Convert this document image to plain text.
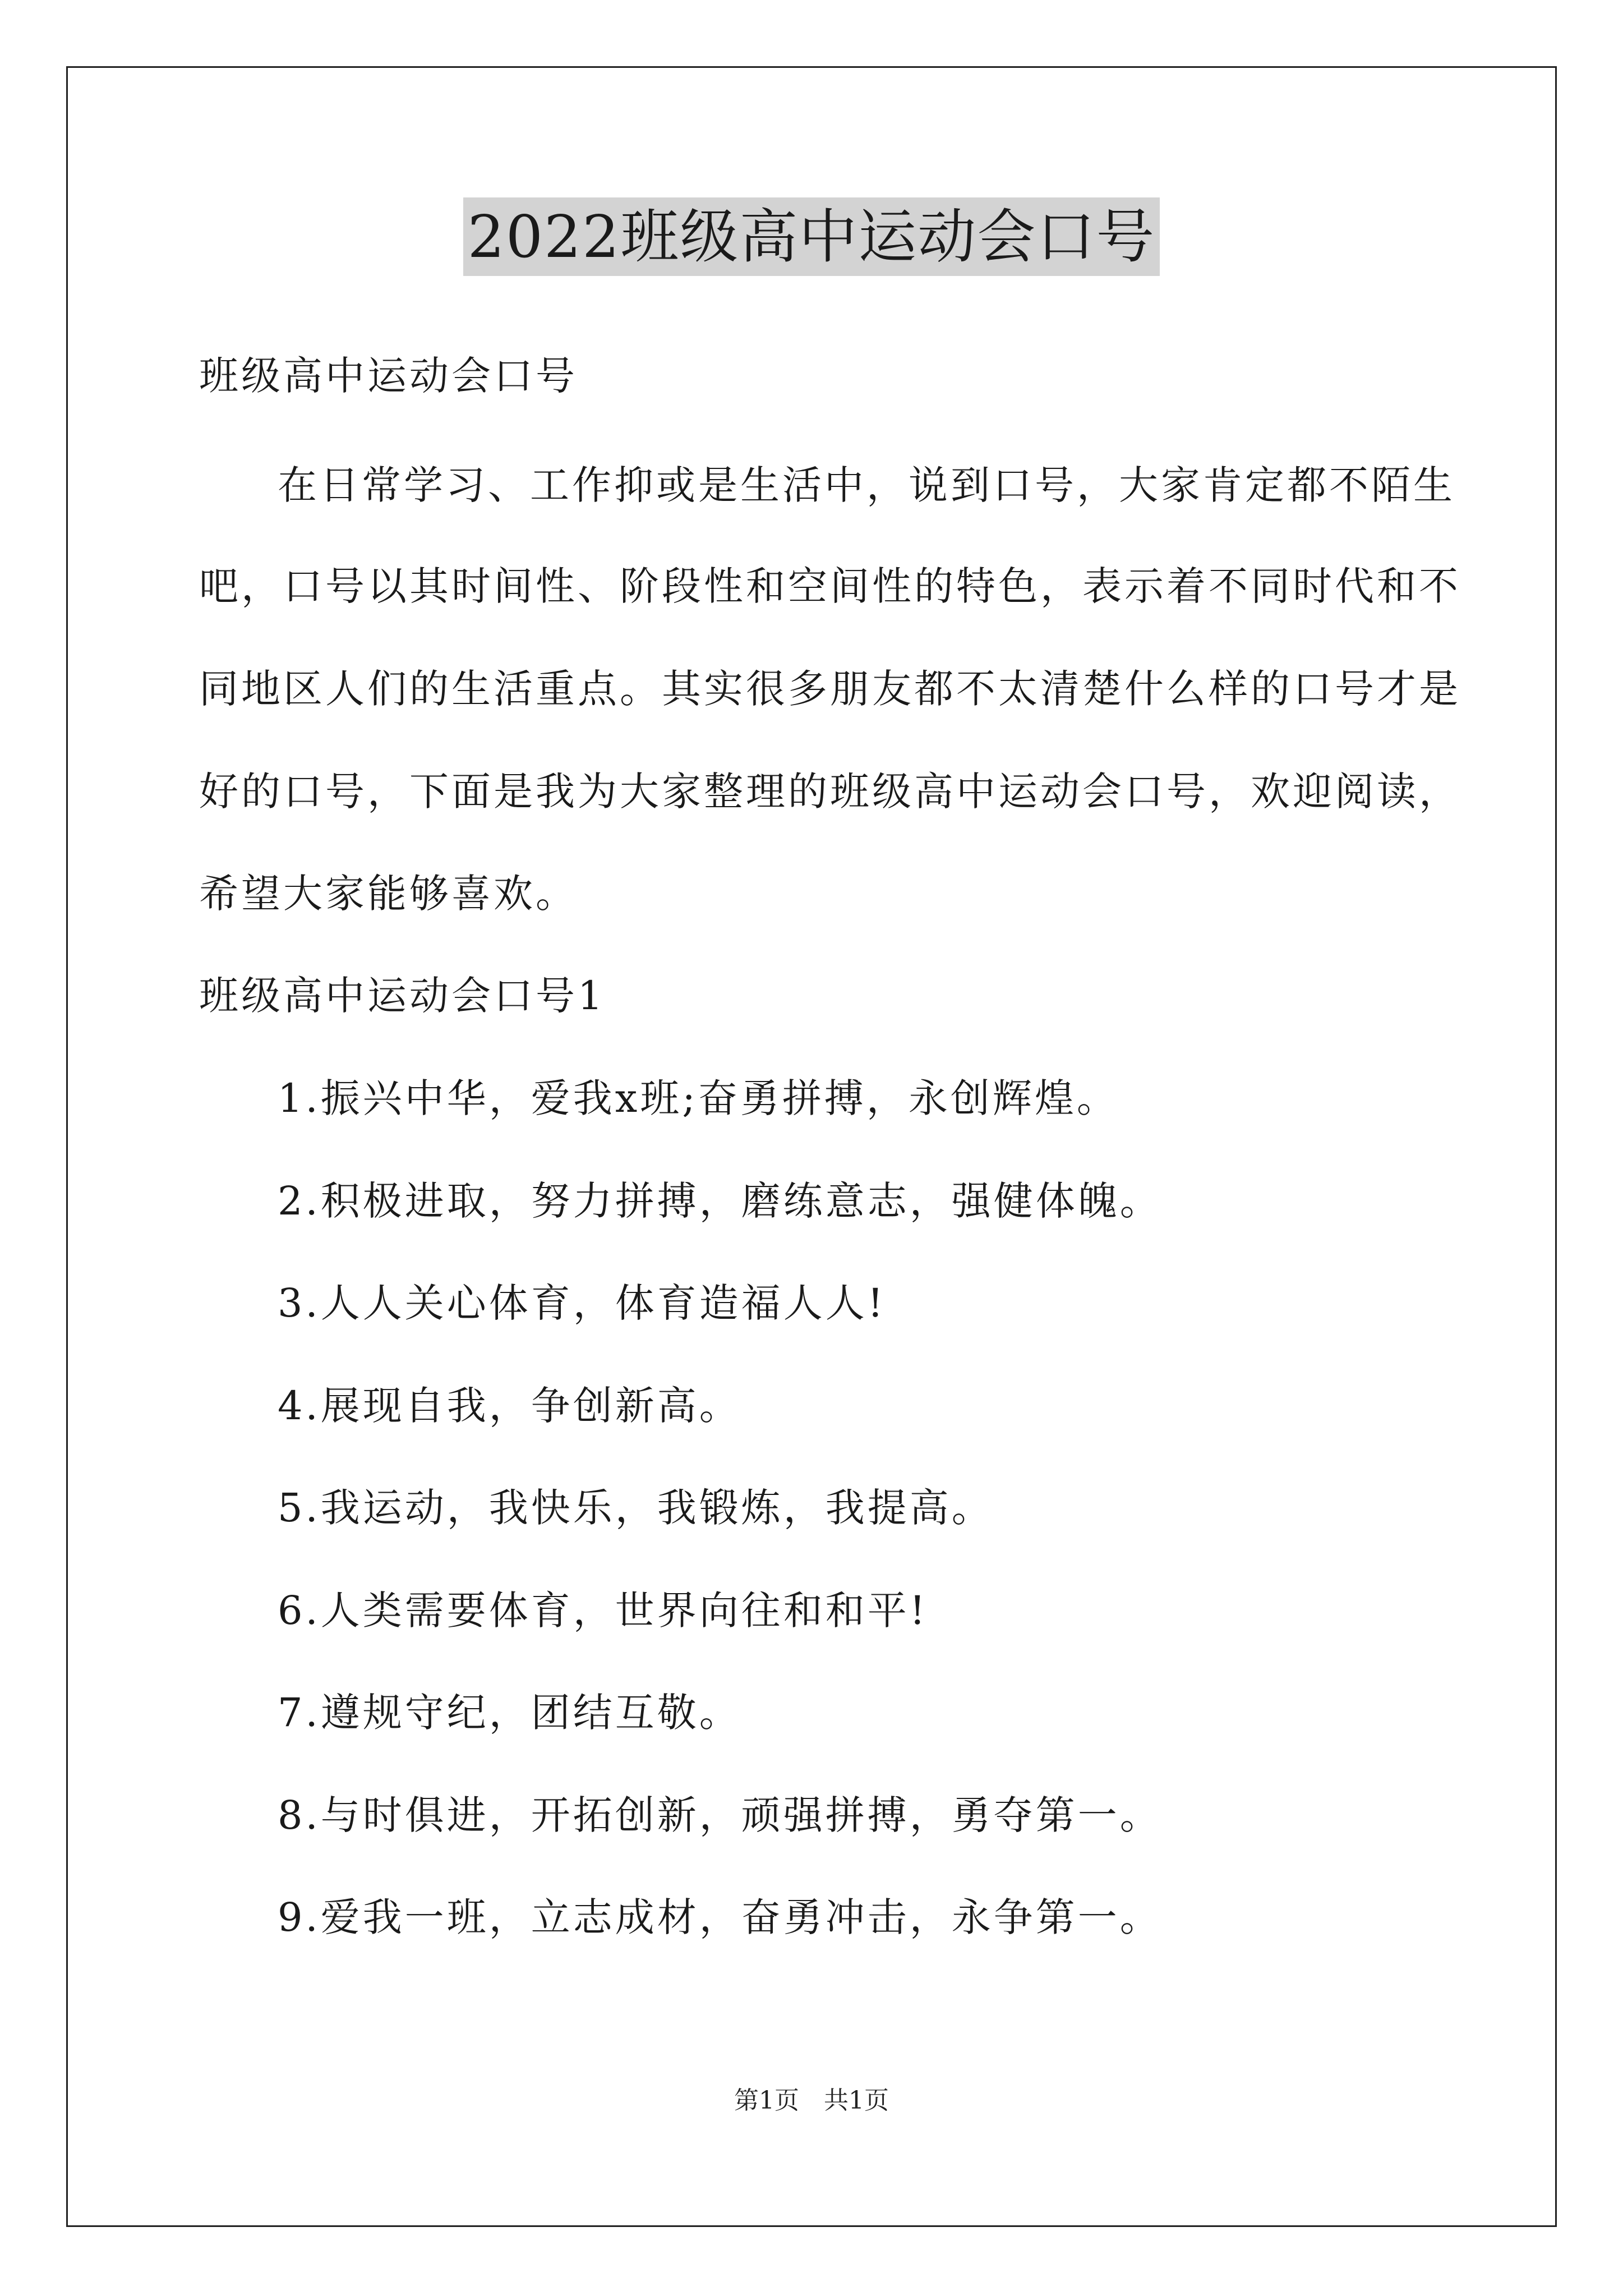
2022班级高中运动会口号
班级高中运动会口号
在日常学习、工作抑或是生活中，说到口号，大家肯定都不陌生
吧，口号以其时间性、阶段性和空间性的特色，表示着不同时代和不
同地区人们的生活重点。其实很多朋友都不太清楚什么样的口号才是
好的口号，下面是我为大家整理的班级高中运动会口号，欢迎阅读，
希望大家能够喜欢。
班级高中运动会口号1
1.振兴中华，爱我x班;奋勇拼搏，永创辉煌。
2.积极进取，努力拼搏，磨练意志，强健体魄。
3.人人关心体育，体育造福人人!
4.展现自我，争创新高。
5.我运动，我快乐，我锻炼，我提高。
6.人类需要体育，世界向往和和平!
7.遵规守纪，团结互敬。
8.与时俱进，开拓创新，顽强拼搏，勇夺第一。
9.爱我一班，立志成材，奋勇冲击，永争第一。
第1页　共1页
